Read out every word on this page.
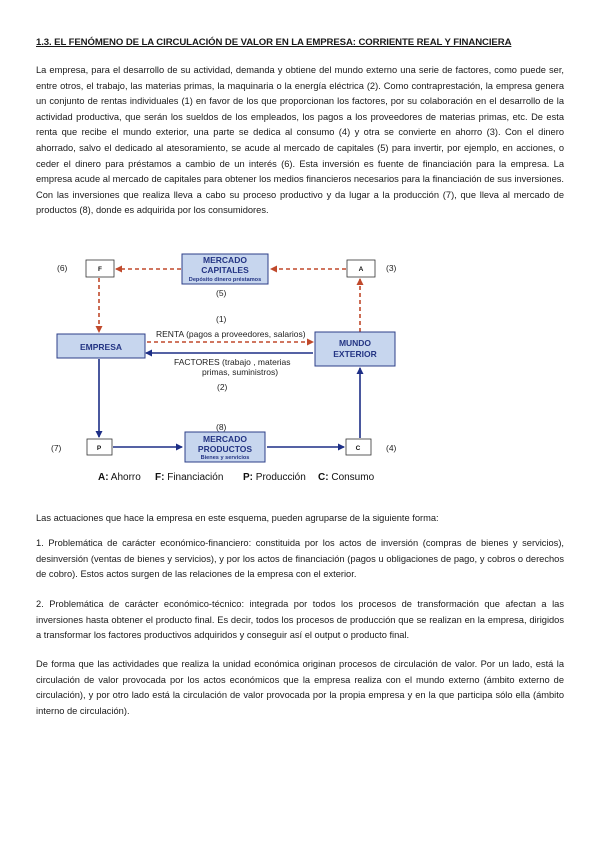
1.3. EL FENÓMENO DE LA CIRCULACIÓN DE VALOR EN LA EMPRESA: CORRIENTE REAL Y FINANCIERA

La empresa, para el desarrollo de su actividad, demanda y obtiene del mundo externo una serie de factores, como puede ser, entre otros, el trabajo, las materias primas, la maquinaria o la energía eléctrica (2). Como contraprestación, la empresa genera un conjunto de rentas individuales (1) en favor de los que proporcionan los factores, por su colaboración en el desarrollo de la actividad productiva, que serán los sueldos de los empleados, los pagos a los proveedores de materias primas, etc. De esta renta que recibe el mundo exterior, una parte se dedica al consumo (4) y otra se convierte en ahorro (3). Con el dinero ahorrado, salvo el dedicado al atesoramiento, se acude al mercado de capitales (5) para invertir, por ejemplo, en acciones, o ceder el dinero para préstamos a cambio de un interés (6). Esta inversión es fuente de financiación para la empresa. La empresa acude al mercado de capitales para obtener los medios financieros necesarios para la financiación de sus inversiones. Con las inversiones que realiza lleva a cabo su proceso productivo y da lugar a la producción (7), que lleva al mercado de productos (8), donde es adquirida por los consumidores.

MERCADO
CAPITALES
Depósito dinero préstamos
EMPRESA	MUNDO
EXTERIOR
MERCADO
PRODUCTOS
Bienes y servicios
F	A
P	C
(6)	(3)
(5)
(1)
(2)
(8)
(7)	(4)
RENTA (pagos a proveedores, salarios)
FACTORES (trabajo , materias
primas, suministros)
A: Ahorro F: Financiación P: Producción C: Consumo

Las actuaciones que hace la empresa en este esquema, pueden agruparse de la siguiente forma:

1. Problemática de carácter económico-financiero: constituida por los actos de inversión (compras de bienes y servicios), desinversión (ventas de bienes y servicios), y por los actos de financiación (pagos u obligaciones de pago, y cobros o derechos de cobro). Estos actos surgen de las relaciones de la empresa con el exterior.

2. Problemática de carácter económico-técnico: integrada por todos los procesos de transformación que afectan a las inversiones hasta obtener el producto final. Es decir, todos los procesos de producción que se realizan en la empresa, dirigidos a transformar los factores productivos adquiridos y conseguir así el output o producto final.

De forma que las actividades que realiza la unidad económica originan procesos de circulación de valor. Por un lado, está la circulación de valor provocada por los actos económicos que la empresa realiza con el mundo externo (ámbito externo de circulación), y por otro lado está la circulación de valor provocada por la propia empresa y en la que participa sólo ella (ámbito interno de circulación).
